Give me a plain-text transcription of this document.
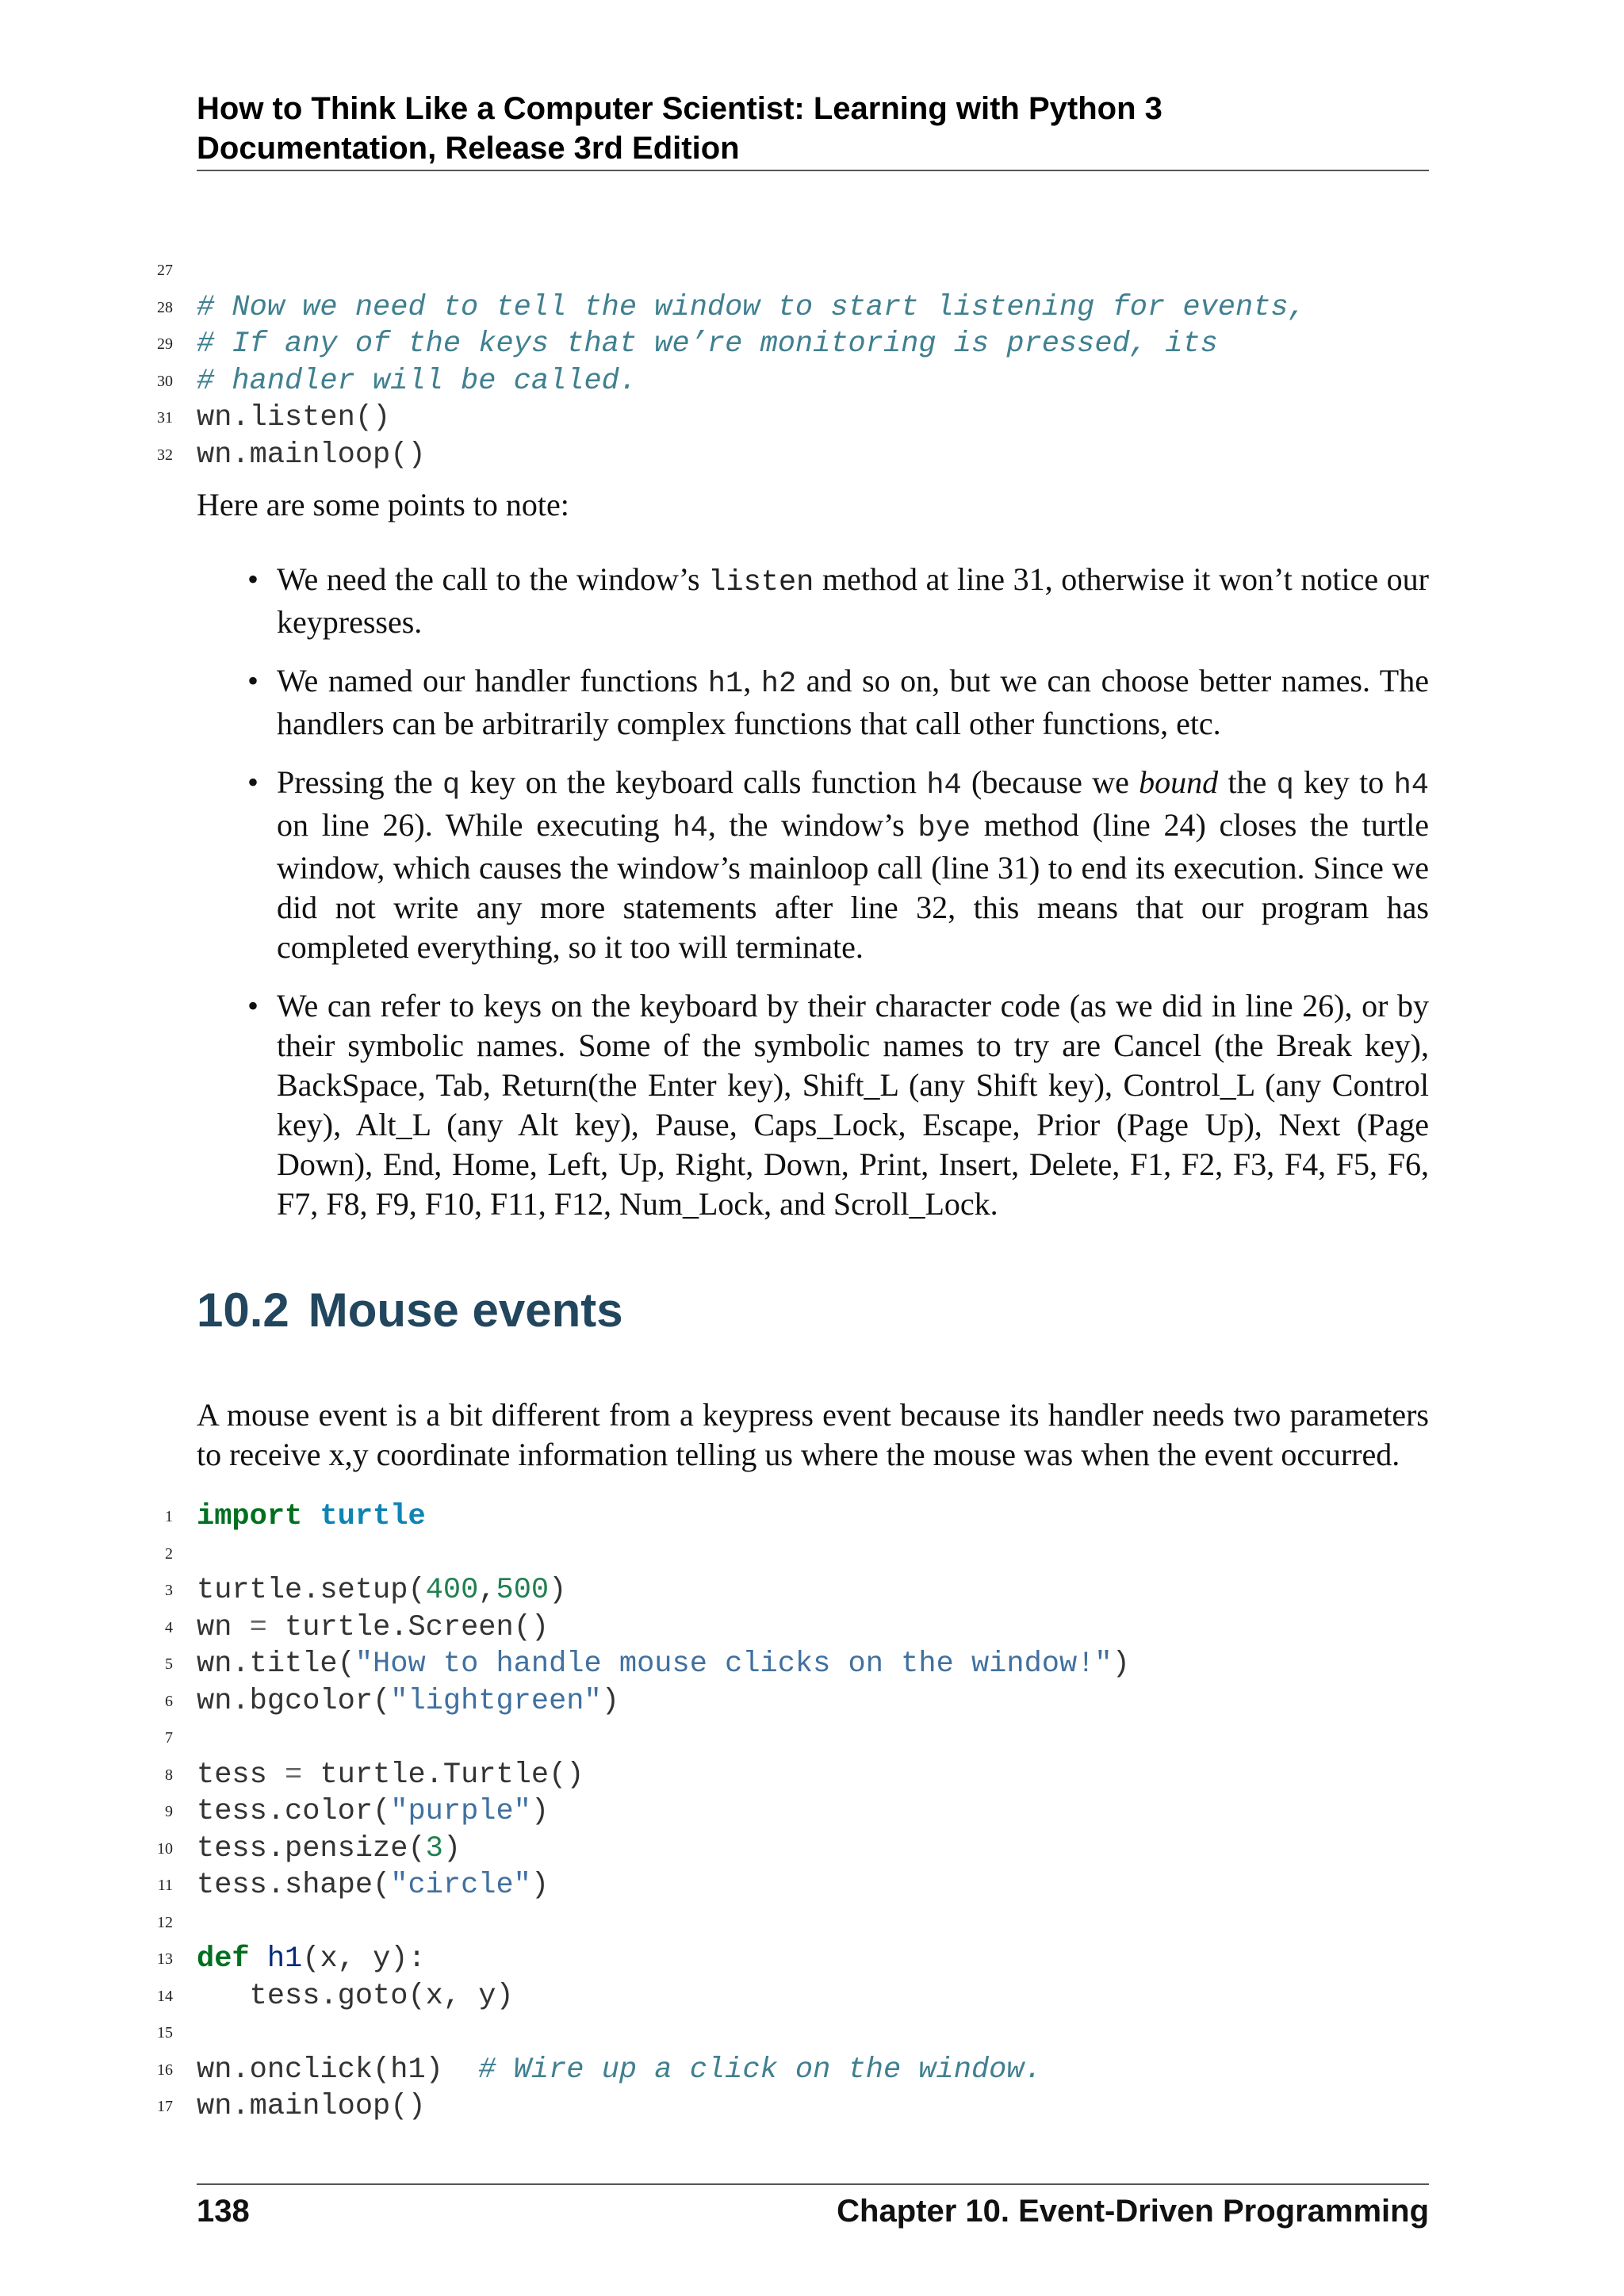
How to Think Like a Computer Scientist: Learning with Python 3
Documentation, Release 3rd Edition
27
28 # Now we need to tell the window to start listening for events,
29 # If any of the keys that we’re monitoring is pressed, its
30 # handler will be called.
31 wn.listen()
32 wn.mainloop()

Here are some points to note:

• We need the call to the window’s listen method at line 31, otherwise it won’t notice our keypresses.
• We named our handler functions h1, h2 and so on, but we can choose better names. The handlers can be arbitrarily complex functions that call other functions, etc.
• Pressing the q key on the keyboard calls function h4 (because we bound the q key to h4 on line 26). While executing h4, the window’s bye method (line 24) closes the turtle window, which causes the window’s mainloop call (line 31) to end its execution. Since we did not write any more statements after line 32, this means that our program has completed everything, so it too will terminate.
• We can refer to keys on the keyboard by their character code (as we did in line 26), or by their symbolic names. Some of the symbolic names to try are Cancel (the Break key), BackSpace, Tab, Return(the Enter key), Shift_L (any Shift key), Control_L (any Control key), Alt_L (any Alt key), Pause, Caps_Lock, Escape, Prior (Page Up), Next (Page Down), End, Home, Left, Up, Right, Down, Print, Insert, Delete, F1, F2, F3, F4, F5, F6, F7, F8, F9, F10, F11, F12, Num_Lock, and Scroll_Lock.
10.2 Mouse events

A mouse event is a bit different from a keypress event because its handler needs two parameters to receive x,y coordinate information telling us where the mouse was when the event occurred.

1 import turtle
2
3 turtle.setup(400,500)
4 wn = turtle.Screen()
5 wn.title("How to handle mouse clicks on the window!")
6 wn.bgcolor("lightgreen")
7
8 tess = turtle.Turtle()
9 tess.color("purple")
10 tess.pensize(3)
11 tess.shape("circle")
12
13 def h1(x, y):
14 tess.goto(x, y)
15
16 wn.onclick(h1)  # Wire up a click on the window.
17 wn.mainloop()
138	Chapter 10. Event-Driven Programming
